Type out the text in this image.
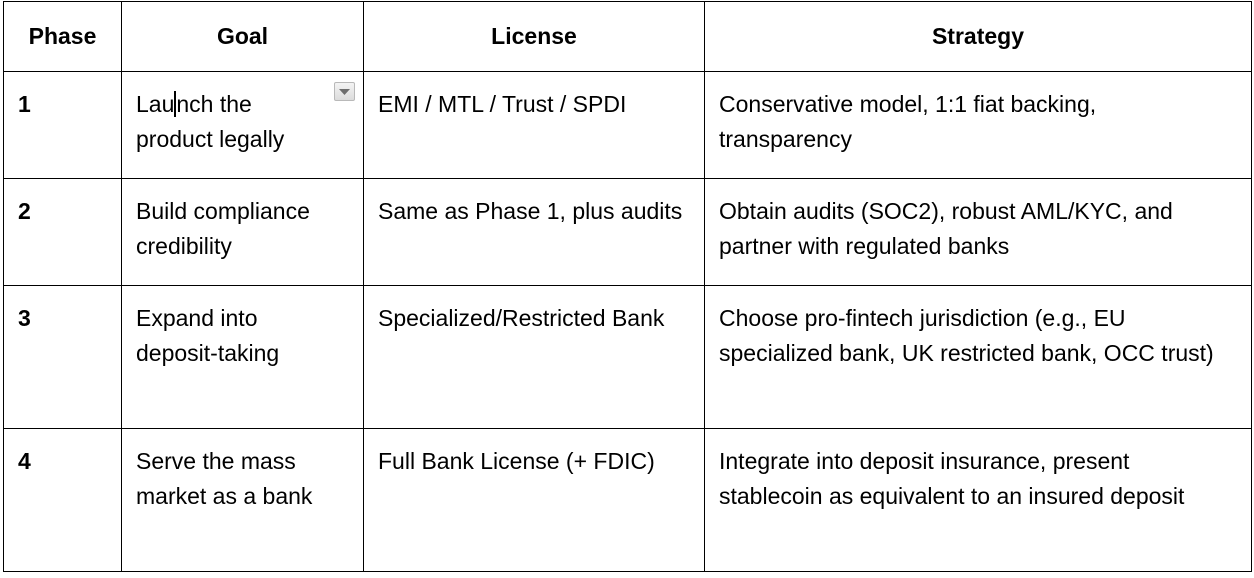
Phase	Goal	License	Strategy
1	Launch the product legally	EMI / MTL / Trust / SPDI	Conservative model, 1:1 fiat backing, transparency
2	Build compliance credibility	Same as Phase 1, plus audits	Obtain audits (SOC2), robust AML/KYC, and partner with regulated banks
3	Expand into deposit-taking	Specialized/Restricted Bank	Choose pro-fintech jurisdiction (e.g., EU specialized bank, UK restricted bank, OCC trust)
4	Serve the mass market as a bank	Full Bank License (+ FDIC)	Integrate into deposit insurance, present stablecoin as equivalent to an insured deposit
